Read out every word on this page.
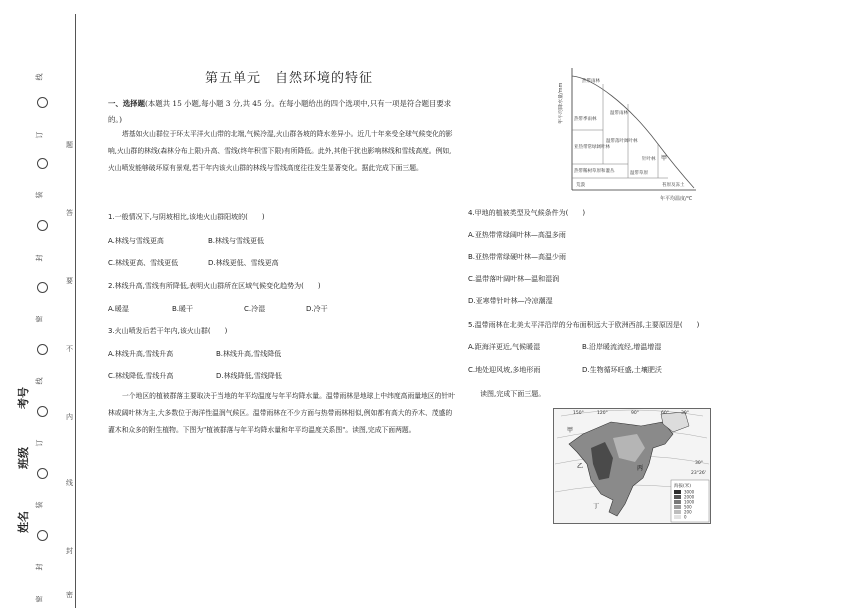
线
订
装
封
密
线
订
装
封
密
题
答
要
不
内
线
封
密
考号
班级
姓名
第五单元　自然环境的特征
一、选择题(本题共 15 小题,每小题 3 分,共 45 分。在每小题给出的四个选项中,只有一项是符合题目要求的。)
塔基如火山群位于环太平洋火山带的北端,气候冷湿,火山群各坡的降水差异小。近几十年来受全球气候变化的影响,火山群的林线(森林分布上限)升高、雪线(终年积雪下限)有所降低。此外,其他干扰也影响林线和雪线高度。例如,火山喷发能够破坏原有景观,若干年内该火山群的林线与雪线高度往往发生显著变化。据此完成下面三题。
1.一般情况下,与阴坡相比,该地火山群阳坡的(　　)
A.林线与雪线更高	B.林线与雪线更低
C.林线更高、雪线更低	D.林线更低、雪线更高
2.林线升高,雪线有所降低,表明火山群所在区域气候变化趋势为(　　)
A.暖湿	B.暖干	C.冷湿	D.冷干
3.火山喷发后若干年内,该火山群(　　)
A.林线升高,雪线升高	B.林线升高,雪线降低
C.林线降低,雪线升高	D.林线降低,雪线降低
一个地区的植被群落主要取决于当地的年平均温度与年平均降水量。温带雨林是地球上中纬度高雨量地区的针叶林或阔叶林为主,大多数位于海洋性温润气候区。温带雨林在不少方面与热带雨林相似,例如都有高大的乔木、茂盛的灌木和众多的附生植物。下图为"植被群落与年平均降水量和年平均温度关系图"。读图,完成下面两题。
年平均降水量/mm
年平均温度/℃
热带雨林
温带雨林
温带落叶阔叶林
热带季雨林
亚热带常绿阔叶林
热带稀树草原和灌丛	温带草原
荒漠	苔原及冻土
针叶林 甲
4.甲地的植被类型及气候条件为(　　)
A.亚热带常绿阔叶林—高温多雨
B.亚热带常绿硬叶林—高温少雨
C.温带落叶阔叶林—温和湿润
D.亚寒带针叶林—冷凉潮湿
5.温带雨林在北美太平洋沿岸的分布面积远大于欧洲西部,主要原因是(　　)
A.距海洋更近,气候暖湿	B.沿岸暖流流经,增温增湿
C.地处迎风坡,多地形雨	D.生物循环旺盛,土壤肥沃
读图,完成下面三题。
150°	120°	90°	60°	30°
30°
23°26'
甲
乙	丙
丁
海拔(米)
3000
2000
1000
500
200
0
